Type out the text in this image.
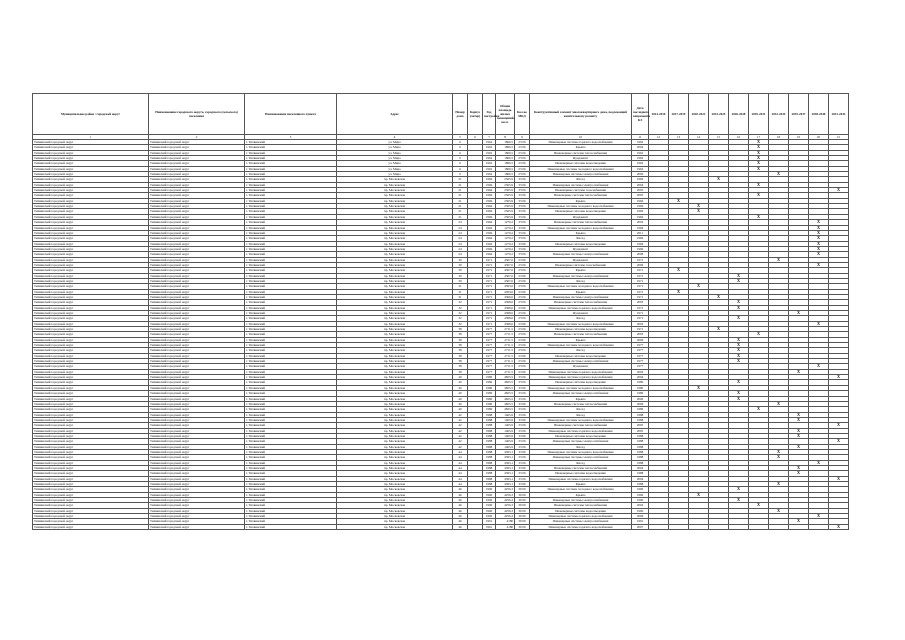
Муниципальное район / городской округ	Наименование городского округа, городского (сельского) поселения	Наименование населенного пункта	Адрес	Номер дома	Корпус (литер)	Год постройки	Общая площадь жилых помещений, кв.м.	Кол-во МКД	Конструктивный элемент многоквартирного дома, подлежащий капитальному ремонту	Дата последнего капремонта КЭ	2014-2016	2017-2019	2020-2022	2023-2025	2026-2028	2029-2031	2032-2034	2035-2037	2038-2040	2041-2043
1	2	3	4	5	6	7	8	9	10	11	12	13	14	15	16	17	18	19	20	21
Тихвинский городской округ	Тихвинский городской округ	г. Тихвинский	ул. Мира	6		1962	1866,5	23 06	Инженерные системы горячего водоснабжения	1962						Х				
Тихвинский городской округ	Тихвинский городской округ	г. Тихвинский	ул. Мира	6		1962	1866,5	23 06	Крыша	2004						Х				
Тихвинский городской округ	Тихвинский городской округ	г. Тихвинский	ул. Мира	6		1962	1866,5	23 06	Инженерные системы теплоснабжения	1962						Х				
Тихвинский городской округ	Тихвинский городской округ	г. Тихвинский	ул. Мира	6		1962	1866,5	23 06	Фундамент	1962						Х				
Тихвинский городской округ	Тихвинский городской округ	г. Тихвинский	ул. Мира	6		1962	1866,5	23 06	Инженерные системы водоотведения	1962						Х				
Тихвинский городской округ	Тихвинский городской округ	г. Тихвинский	ул. Мира	6		1962	1866,5	23 06	Инженерные системы холодного водоснабжения	1962						Х				
Тихвинский городской округ	Тихвинский городской округ	г. Тихвинский	ул. Мира	6		1962	1866,5	23 06	Инженерные системы электроснабжения	2006							Х			
Тихвинский городской округ	Тихвинский городской округ	г. Тихвинский	пр. Московская	21		1966	2565,9	33 06	Фасад	1966				Х						
Тихвинский городской округ	Тихвинский городской округ	г. Тихвинский	пр. Московская	21		1966	2565,9	33 06	Инженерные системы электроснабжения	2004						Х				
Тихвинский городской округ	Тихвинский городской округ	г. Тихвинский	пр. Московская	21		1966	2565,9	33 06	Инженерные системы газоснабжения	2005										Х
Тихвинский городской округ	Тихвинский городской округ	г. Тихвинский	пр. Московская	21		1966	2565,9	33 06	Инженерные системы теплоснабжения	2005						Х				
Тихвинский городской округ	Тихвинский городской округ	г. Тихвинский	пр. Московская	21		1966	2565,9	33 06	Крыша	1966		Х								
Тихвинский городской округ	Тихвинский городской округ	г. Тихвинский	пр. Московская	21		1966	2565,9	33 06	Инженерные системы холодного водоснабжения	1966			Х							
Тихвинский городской округ	Тихвинский городской округ	г. Тихвинский	пр. Московская	21		1966	2565,9	33 06	Инженерные системы водоотведения	1966			Х							
Тихвинский городской округ	Тихвинский городской округ	г. Тихвинский	пр. Московская	21		1966	2565,9	33 06	Фундамент	1966						Х				
Тихвинский городской округ	Тихвинский городской округ	г. Тихвинский	пр. Московская	24		1966	1270,2	33 06	Инженерные системы теплоснабжения	2004									Х	
Тихвинский городской округ	Тихвинский городской округ	г. Тихвинский	пр. Московская	24		1966	1270,2	33 06	Инженерные системы холодного водоснабжения	1966									Х	
Тихвинский городской округ	Тихвинский городской округ	г. Тихвинский	пр. Московская	24		1966	1270,2	33 06	Крыша	2011									Х	
Тихвинский городской округ	Тихвинский городской округ	г. Тихвинский	пр. Московская	24		1966	1270,2	33 06	Фасад	1966									Х	
Тихвинский городской округ	Тихвинский городской округ	г. Тихвинский	пр. Московская	24		1966	1270,2	33 06	Инженерные системы водоотведения	1966									Х	
Тихвинский городской округ	Тихвинский городской округ	г. Тихвинский	пр. Московская	24		1966	1270,2	33 06	Фундамент	1966									Х	
Тихвинский городской округ	Тихвинский городской округ	г. Тихвинский	пр. Московская	24		1966	1270,2	33 06	Инженерные системы электроснабжения	2008									Х	
Тихвинский городской округ	Тихвинский городской округ	г. Тихвинский	пр. Московская	30		1971	4367,6	23 06	Фундамент	1971							Х			
Тихвинский городской округ	Тихвинский городской округ	г. Тихвинский	пр. Московская	30		1971	4367,6	23 06	Инженерные системы газоснабжения	2006									Х	
Тихвинский городской округ	Тихвинский городской округ	г. Тихвинский	пр. Московская	30		1971	4367,6	23 06	Крыша	1971		Х								
Тихвинский городской округ	Тихвинский городской округ	г. Тихвинский	пр. Московская	30		1971	4367,6	23 06	Инженерные системы электроснабжения	1971					Х					
Тихвинский городской округ	Тихвинский городской округ	г. Тихвинский	пр. Московская	30		1971	4367,6	23 06	Фасад	1971					Х					
Тихвинский городской округ	Тихвинский городской округ	г. Тихвинский	пр. Московская	31		1971	4393,6	23 06	Инженерные системы холодного водоснабжения	1971			Х							
Тихвинский городской округ	Тихвинский городской округ	г. Тихвинский	пр. Московская	31		1971	4393,6	23 06	Крыша	1971		Х								
Тихвинский городской округ	Тихвинский городской округ	г. Тихвинский	пр. Московская	31		1971	4366,6	23 06	Инженерные системы электроснабжения	1971				Х						
Тихвинский городской округ	Тихвинский городской округ	г. Тихвинский	пр. Московская	32		1971	4398,6	23 06	Инженерные системы теплоснабжения	2003					Х					
Тихвинский городской округ	Тихвинский городской округ	г. Тихвинский	пр. Московская	32		1971	4398,6	23 06	Инженерные системы горячего водоснабжения	1971					Х					
Тихвинский городской округ	Тихвинский городской округ	г. Тихвинский	пр. Московская	32		1971	4398,6	23 06	Фундамент	1971								Х		
Тихвинский городской округ	Тихвинский городской округ	г. Тихвинский	пр. Московская	32		1971	4398,6	23 06	Фасад	1971					Х					
Тихвинский городской округ	Тихвинский городской округ	г. Тихвинский	пр. Московская	32		1971	4398,6	23 06	Инженерные системы холодного водоснабжения	2003									Х	
Тихвинский городской округ	Тихвинский городской округ	г. Тихвинский	пр. Московская	38		1977	2711,5	23 06	Инженерные системы водоотведения	1971				Х						
Тихвинский городской округ	Тихвинский городской округ	г. Тихвинский	пр. Московская	38		1977	2711,5	23 06	Инженерные системы теплоснабжения	2003						Х				
Тихвинский городской округ	Тихвинский городской округ	г. Тихвинский	пр. Московская	38		1977	2711,5	23 06	Крыша	2009					Х					
Тихвинский городской округ	Тихвинский городской округ	г. Тихвинский	пр. Московская	38		1977	2711,5	23 06	Инженерные системы холодного водоснабжения	1977					Х					
Тихвинский городской округ	Тихвинский городской округ	г. Тихвинский	пр. Московская	38		1977	2711,5	23 06	Фасад	1977					Х					
Тихвинский городской округ	Тихвинский городской округ	г. Тихвинский	пр. Московская	38		1977	2711,5	23 06	Инженерные системы водоотведения	1977					Х					
Тихвинский городской округ	Тихвинский городской округ	г. Тихвинский	пр. Московская	38		1977	2711,5	23 06	Инженерные системы электроснабжения	1977					Х					
Тихвинский городской округ	Тихвинский городской округ	г. Тихвинский	пр. Московская	38		1977	2711,5	23 06	Фундамент	1977									Х	
Тихвинский городской округ	Тихвинский городской округ	г. Тихвинский	пр. Московская	38		1977	2711,5	23 06	Инженерные системы горячего водоснабжения	2003								Х		
Тихвинский городской округ	Тихвинский городской округ	г. Тихвинский	пр. Московская	40		1980	4825,5	33 06	Инженерные системы горячего водоснабжения	2004										Х
Тихвинский городской округ	Тихвинский городской округ	г. Тихвинский	пр. Московская	40		1980	4825,5	33 06	Инженерные системы водоотведения	1980					Х					
Тихвинский городской округ	Тихвинский городской округ	г. Тихвинский	пр. Московская	40		1980	4825,5	33 06	Инженерные системы холодного водоснабжения	1980			Х							
Тихвинский городской округ	Тихвинский городской округ	г. Тихвинский	пр. Московская	40		1980	4825,5	33 06	Инженерные системы электроснабжения	1980					Х					
Тихвинский городской округ	Тихвинский городской округ	г. Тихвинский	пр. Московская	40		1980	4825,5	33 06	Крыша	2000					Х					
Тихвинский городской округ	Тихвинский городской округ	г. Тихвинский	пр. Московская	40		1980	4825,5	33 06	Инженерные системы теплоснабжения	2006							Х			
Тихвинский городской округ	Тихвинский городской округ	г. Тихвинский	пр. Московская	40		1980	4825,5	33 06	Фасад	1980						Х				
Тихвинский городской округ	Тихвинский городской округ	г. Тихвинский	пр. Московская	42		1988	1465,9	33 06	Фасад	1988								Х		
Тихвинский городской округ	Тихвинский городской округ	г. Тихвинский	пр. Московская	42		1988	1465,9	33 06	Инженерные системы холодного водоснабжения	1988								Х		
Тихвинский городской округ	Тихвинский городской округ	г. Тихвинский	пр. Московская	42		1988	1465,9	33 06	Инженерные системы теплоснабжения	2005										Х
Тихвинский городской округ	Тихвинский городской округ	г. Тихвинский	пр. Московская	42		1988	1465,9	33 06	Инженерные системы горячего водоснабжения	2005								Х		
Тихвинский городской округ	Тихвинский городской округ	г. Тихвинский	пр. Московская	42		1988	1465,9	33 06	Инженерные системы водоотведения	1988								Х		
Тихвинский городской округ	Тихвинский городской округ	г. Тихвинский	пр. Московская	42		1988	1465,9	33 06	Инженерные системы электроснабжения	1988										Х
Тихвинский городской округ	Тихвинский городской округ	г. Тихвинский	пр. Московская	42		1988	1465,9	33 06	Фасад	1988								Х		
Тихвинский городской округ	Тихвинский городской округ	г. Тихвинский	пр. Московская	44		1988	4393,1	33 06	Инженерные системы холодного водоснабжения	1988							Х			
Тихвинский городской округ	Тихвинский городской округ	г. Тихвинский	пр. Московская	44		1988	4393,1	33 06	Инженерные системы электроснабжения	1988							Х			
Тихвинский городской округ	Тихвинский городской округ	г. Тихвинский	пр. Московская	44		1988	4393,1	33 06	Фасад	1988									Х	
Тихвинский городской округ	Тихвинский городской округ	г. Тихвинский	пр. Московская	44		1988	4393,1	33 06	Инженерные системы теплоснабжения	2004								Х		
Тихвинский городской округ	Тихвинский городской округ	г. Тихвинский	пр. Московская	44		1988	4393,1	33 06	Инженерные системы водоотведения	1988								Х		
Тихвинский городской округ	Тихвинский городской округ	г. Тихвинский	пр. Московская	44		1988	4393,1	33 06	Инженерные системы горячего водоснабжения	2004										Х
Тихвинский городской округ	Тихвинский городской округ	г. Тихвинский	пр. Московская	44		1988	4393,1	33 06	Крыша	1988							Х			
Тихвинский городской округ	Тихвинский городской округ	г. Тихвинский	пр. Московская	46		1990	4256,3	39 06	Инженерные системы холодного водоснабжения	1990					Х					
Тихвинский городской округ	Тихвинский городской округ	г. Тихвинский	пр. Московская	46		1990	4256,3	39 06	Крыша	1990			Х							
Тихвинский городской округ	Тихвинский городской округ	г. Тихвинский	пр. Московская	46		1990	4256,3	39 06	Инженерные системы электроснабжения	1990					Х					
Тихвинский городской округ	Тихвинский городской округ	г. Тихвинский	пр. Московская	46		1990	4256,3	39 06	Инженерные системы теплоснабжения	2004						Х				
Тихвинский городской округ	Тихвинский городской округ	г. Тихвинский	пр. Московская	46		1990	4256,3	39 06	Инженерные системы водоотведения	1990							Х			
Тихвинский городской округ	Тихвинский городской округ	г. Тихвинский	пр. Московская	46		1990	4256,3	39 06	Инженерные системы горячего водоснабжения	2006									Х	
Тихвинский городской округ	Тихвинский городской округ	г. Тихвинский	пр. Московская	46		1991	4180	39 06	Инженерные системы электроснабжения	1991								Х		
Тихвинский городской округ	Тихвинский городской округ	г. Тихвинский	пр. Московская	46		1991	4180	39 06	Инженерные системы горячего водоснабжения	2007										Х
